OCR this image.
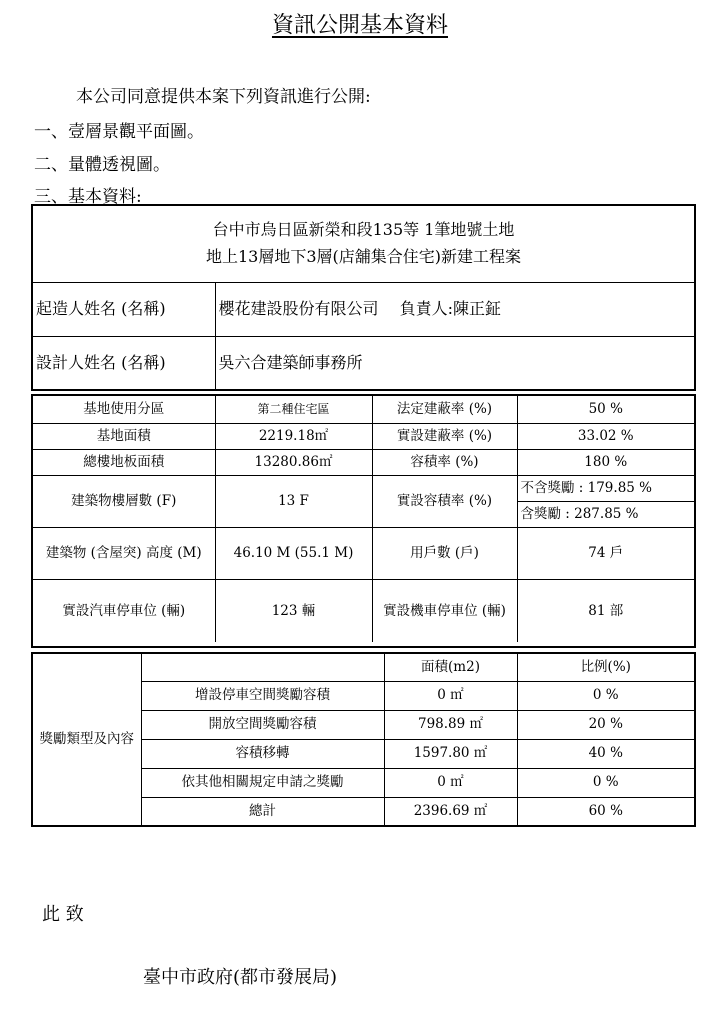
資訊公開基本資料
本公司同意提供本案下列資訊進行公開:
一、壹層景觀平面圖。
二、量體透視圖。
三、基本資料:
台中市烏日區新榮和段135等 1筆地號土地
地上13層地下3層(店舖集合住宅)新建工程案
起造人姓名 (名稱)	櫻花建設股份有限公司　 負責人:陳正鉦
設計人姓名 (名稱)	吳六合建築師事務所
基地使用分區	第二種住宅區	法定建蔽率 (%)	50 %
基地面積	2219.18㎡	實設建蔽率 (%)	33.02 %
總樓地板面積	13280.86㎡	容積率 (%)	180 %
建築物樓層數 (F)	13 F	實設容積率 (%)	不含獎勵 : 179.85 %
			含獎勵 : 287.85 %
建築物 (含屋突) 高度 (M)	46.10 M (55.1 M)	用戶數 (戶)	74 戶
實設汽車停車位 (輛)	123 輛	實設機車停車位 (輛)	81 部
獎勵類型及內容		面積(m2)	比例(%)
	增設停車空間獎勵容積	0 ㎡	0 %
	開放空間獎勵容積	798.89 ㎡	20 %
	容積移轉	1597.80 ㎡	40 %
	依其他相關規定申請之獎勵	0 ㎡	0 %
	總計	2396.69 ㎡	60 %
此 致
臺中市政府(都市發展局)
